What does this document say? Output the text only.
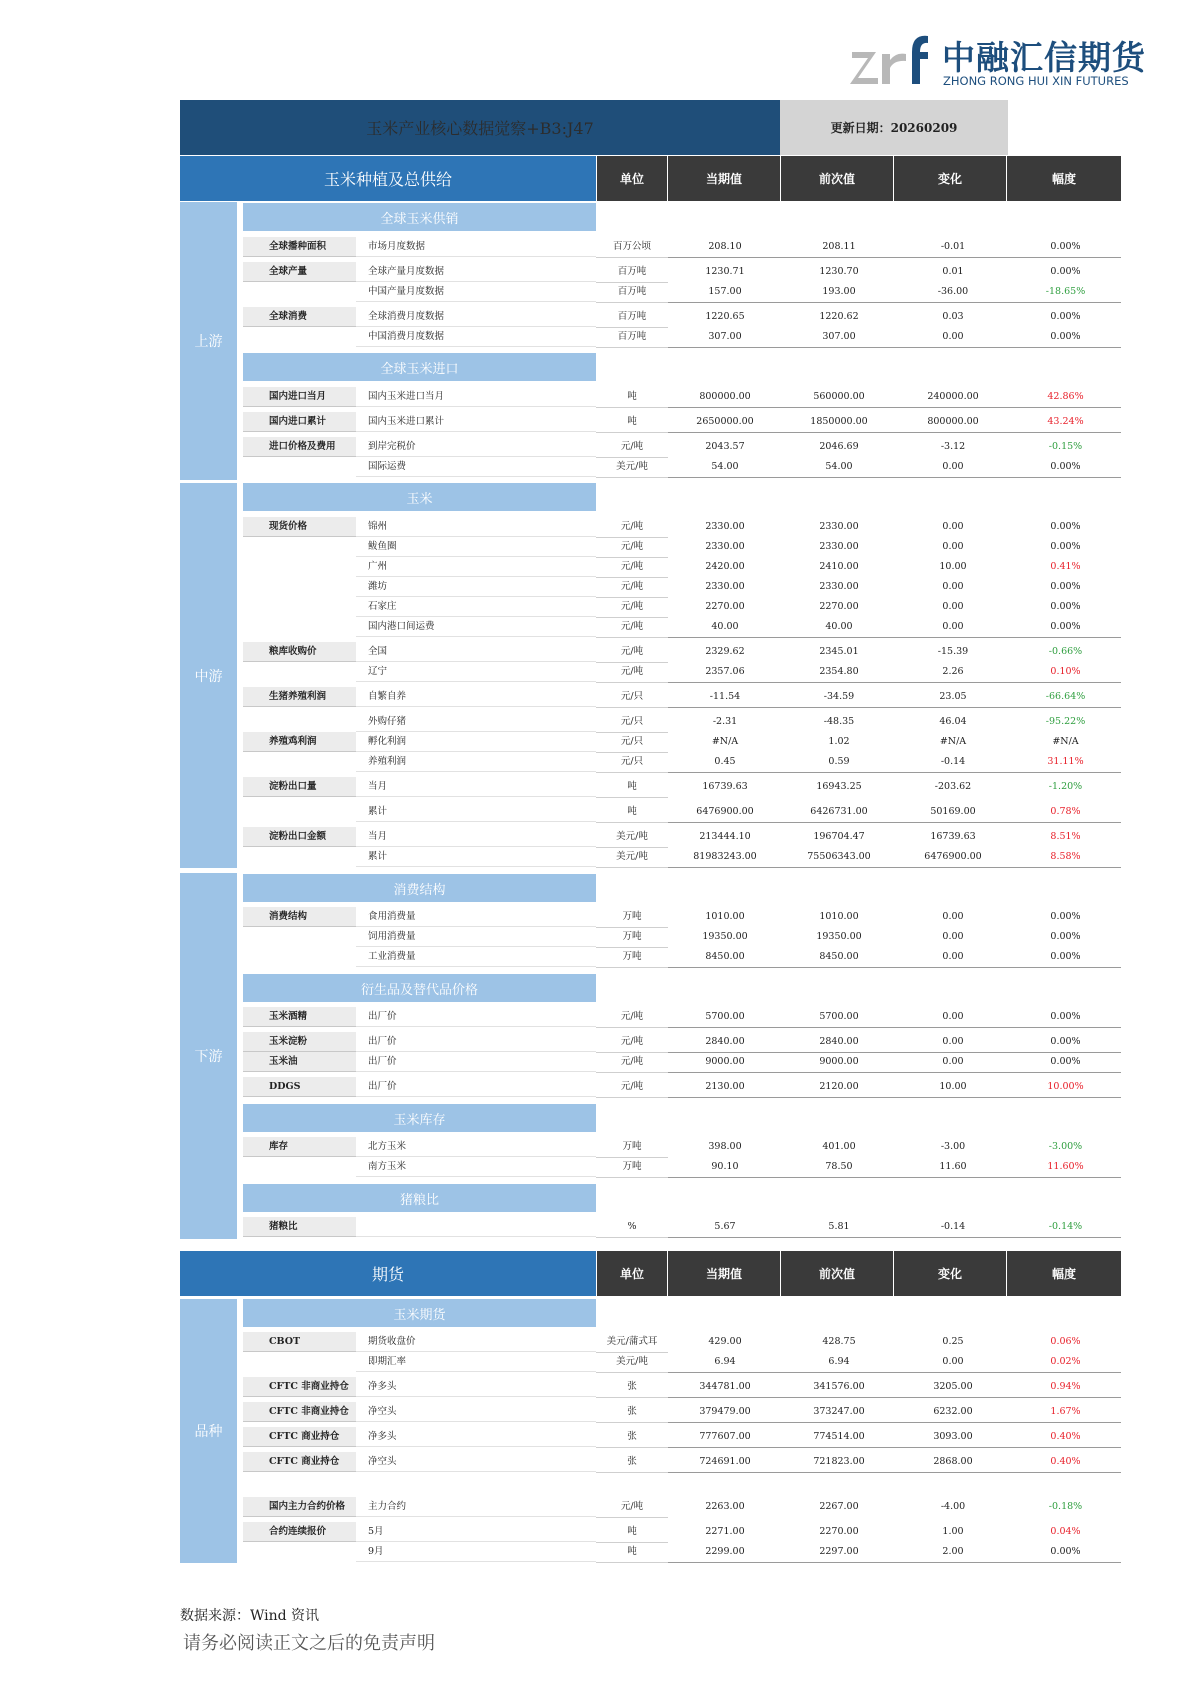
中融汇信期货
ZHONG RONG HUI XIN FUTURES
玉米产业核心数据觉察+B3:J47	更新日期：20260209
玉米种植及总供给	单位	当期值	前次值	变化	幅度
期货	单位	当期值	前次值	变化	幅度
上游
中游
下游
品种
全球玉米供销
全球玉米进口
玉米
消费结构
衍生品及替代品价格
玉米库存
猪粮比
玉米期货
全球播种面积	市场月度数据	百万公顷	208.10	208.11	-0.01	0.00%
全球产量	全球产量月度数据	百万吨	1230.71	1230.70	0.01	0.00%
中国产量月度数据	百万吨	157.00	193.00	-36.00	-18.65%
全球消费	全球消费月度数据	百万吨	1220.65	1220.62	0.03	0.00%
中国消费月度数据	百万吨	307.00	307.00	0.00	0.00%
国内进口当月	国内玉米进口当月	吨	800000.00	560000.00	240000.00	42.86%
国内进口累计	国内玉米进口累计	吨	2650000.00	1850000.00	800000.00	43.24%
进口价格及费用	到岸完税价	元/吨	2043.57	2046.69	-3.12	-0.15%
国际运费	美元/吨	54.00	54.00	0.00	0.00%
现货价格	锦州	元/吨	2330.00	2330.00	0.00	0.00%
鲅鱼圈	元/吨	2330.00	2330.00	0.00	0.00%
广州	元/吨	2420.00	2410.00	10.00	0.41%
潍坊	元/吨	2330.00	2330.00	0.00	0.00%
石家庄	元/吨	2270.00	2270.00	0.00	0.00%
国内港口间运费	元/吨	40.00	40.00	0.00	0.00%
粮库收购价	全国	元/吨	2329.62	2345.01	-15.39	-0.66%
辽宁	元/吨	2357.06	2354.80	2.26	0.10%
生猪养殖利润	自繁自养	元/只	-11.54	-34.59	23.05	-66.64%
外购仔猪	元/只	-2.31	-48.35	46.04	-95.22%
养殖鸡利润	孵化利润	元/只	#N/A	1.02	#N/A	#N/A
养殖利润	元/只	0.45	0.59	-0.14	31.11%
淀粉出口量	当月	吨	16739.63	16943.25	-203.62	-1.20%
累计	吨	6476900.00	6426731.00	50169.00	0.78%
淀粉出口金额	当月	美元/吨	213444.10	196704.47	16739.63	8.51%
累计	美元/吨	81983243.00	75506343.00	6476900.00	8.58%
消费结构	食用消费量	万吨	1010.00	1010.00	0.00	0.00%
饲用消费量	万吨	19350.00	19350.00	0.00	0.00%
工业消费量	万吨	8450.00	8450.00	0.00	0.00%
玉米酒精	出厂价	元/吨	5700.00	5700.00	0.00	0.00%
玉米淀粉	出厂价	元/吨	2840.00	2840.00	0.00	0.00%
玉米油	出厂价	元/吨	9000.00	9000.00	0.00	0.00%
DDGS	出厂价	元/吨	2130.00	2120.00	10.00	10.00%
库存	北方玉米	万吨	398.00	401.00	-3.00	-3.00%
南方玉米	万吨	90.10	78.50	11.60	11.60%
猪粮比	%	5.67	5.81	-0.14	-0.14%
CBOT	期货收盘价	美元/蒲式耳	429.00	428.75	0.25	0.06%
即期汇率	美元/吨	6.94	6.94	0.00	0.02%
CFTC 非商业持仓	净多头	张	344781.00	341576.00	3205.00	0.94%
CFTC 非商业持仓	净空头	张	379479.00	373247.00	6232.00	1.67%
CFTC 商业持仓	净多头	张	777607.00	774514.00	3093.00	0.40%
CFTC 商业持仓	净空头	张	724691.00	721823.00	2868.00	0.40%
国内主力合约价格	主力合约	元/吨	2263.00	2267.00	-4.00	-0.18%
合约连续报价	5月	吨	2271.00	2270.00	1.00	0.04%
9月	吨	2299.00	2297.00	2.00	0.00%
数据来源：Wind 资讯
请务必阅读正文之后的免责声明
